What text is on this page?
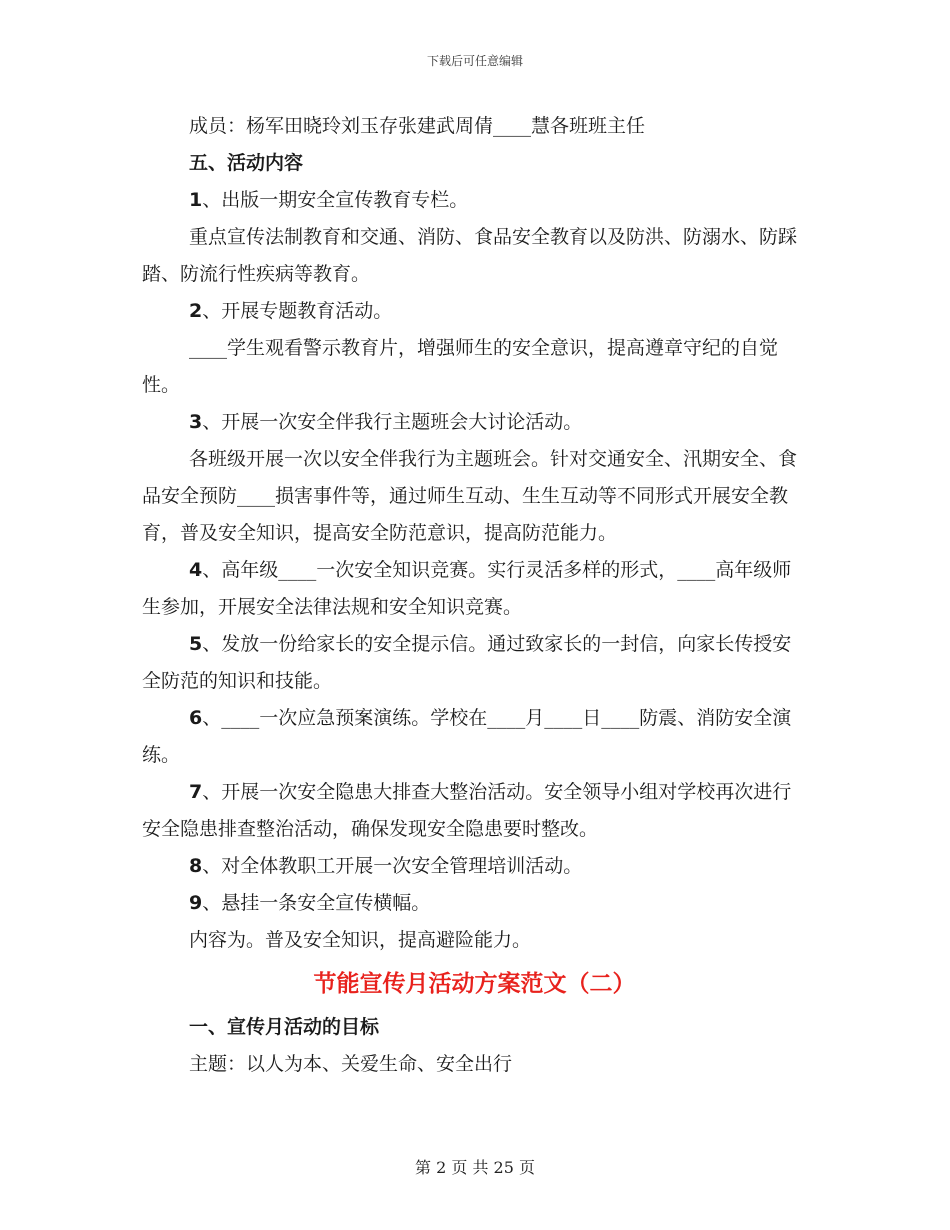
下载后可任意编辑

成员：杨军田晓玲刘玉存张建武周倩____慧各班班主任

五、活动内容

1、出版一期安全宣传教育专栏。

重点宣传法制教育和交通、消防、食品安全教育以及防洪、防溺水、防踩踏、防流行性疾病等教育。

2、开展专题教育活动。

____学生观看警示教育片，增强师生的安全意识，提高遵章守纪的自觉性。

3、开展一次安全伴我行主题班会大讨论活动。

各班级开展一次以安全伴我行为主题班会。针对交通安全、汛期安全、食品安全预防____损害事件等，通过师生互动、生生互动等不同形式开展安全教育，普及安全知识，提高安全防范意识，提高防范能力。

4、高年级____一次安全知识竞赛。实行灵活多样的形式，____高年级师生参加，开展安全法律法规和安全知识竞赛。

5、发放一份给家长的安全提示信。通过致家长的一封信，向家长传授安全防范的知识和技能。

6、____一次应急预案演练。学校在____月____日____防震、消防安全演练。

7、开展一次安全隐患大排查大整治活动。安全领导小组对学校再次进行安全隐患排查整治活动，确保发现安全隐患要时整改。

8、对全体教职工开展一次安全管理培训活动。

9、悬挂一条安全宣传横幅。

内容为。普及安全知识，提高避险能力。

节能宣传月活动方案范文（二）

一、宣传月活动的目标

主题：以人为本、关爱生命、安全出行

第 2 页 共 25 页
